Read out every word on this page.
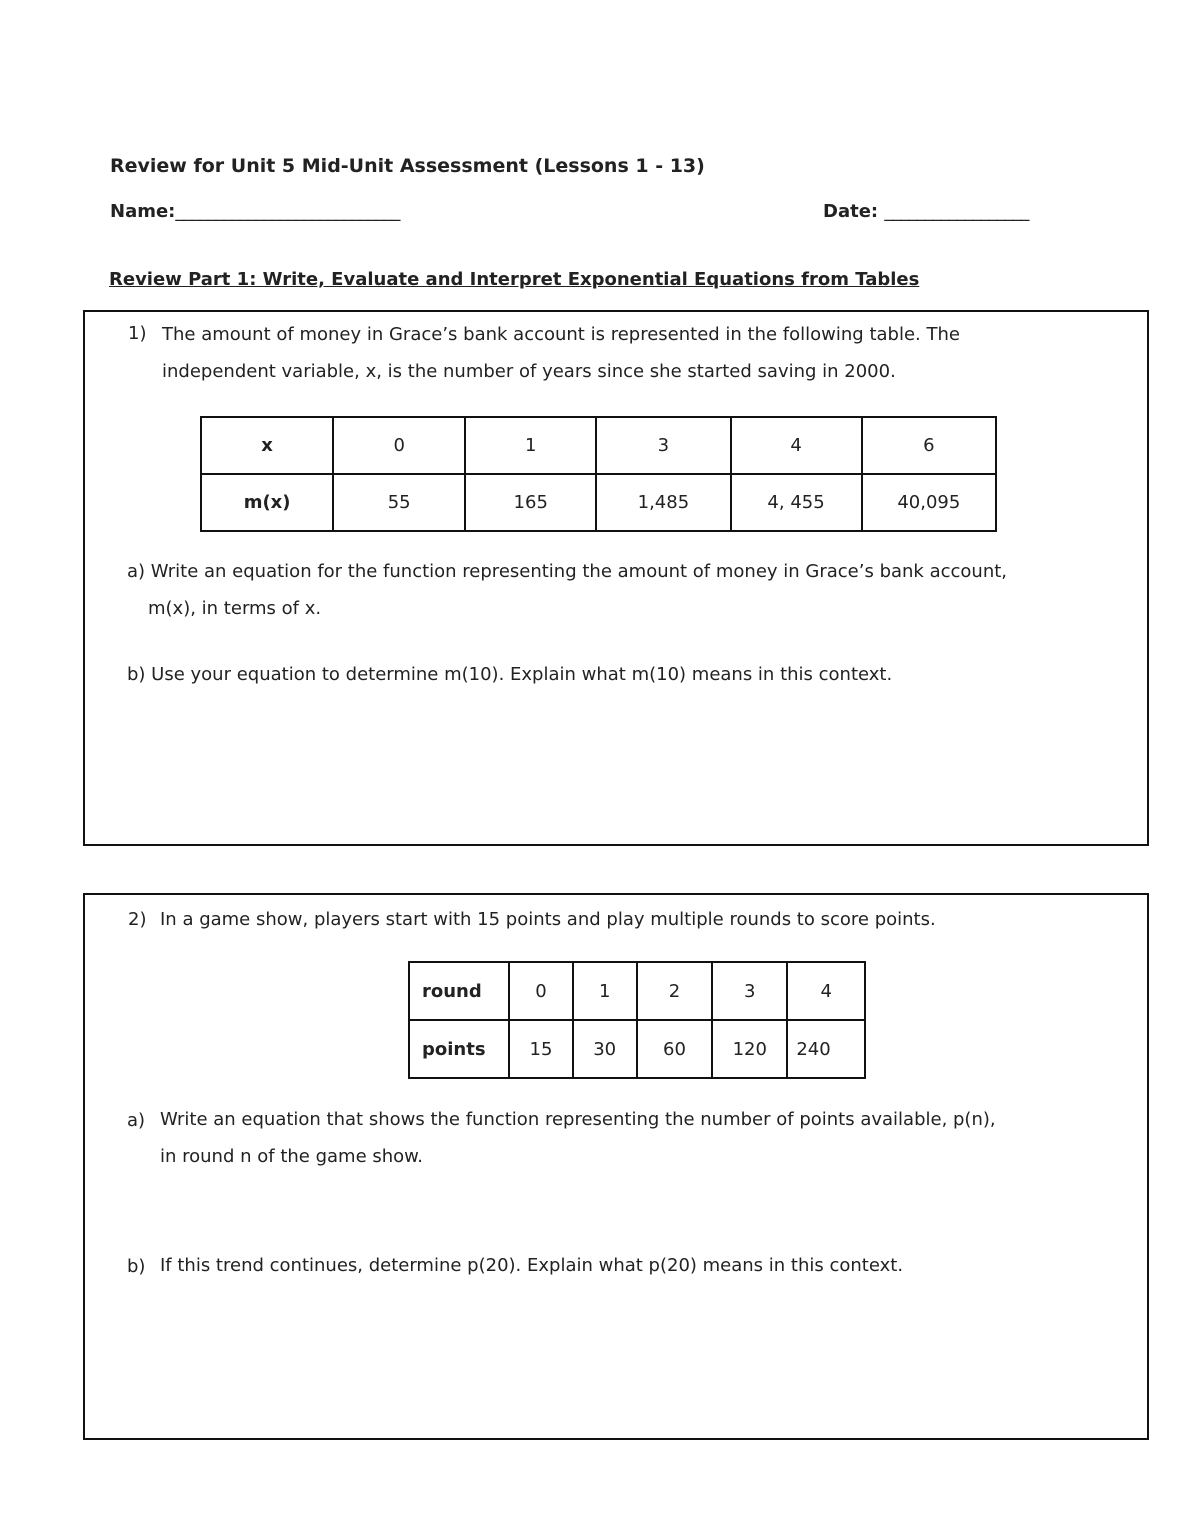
Review for Unit 5 Mid-Unit Assessment (Lessons 1 - 13)
Name:____________________________	Date: __________________
Review Part 1: Write, Evaluate and Interpret Exponential Equations from Tables
1) The amount of money in Grace’s bank account is represented in the following table. The
independent variable, x, is the number of years since she started saving in 2000.
x	0	1	3	4	6
m(x)	55	165	1,485	4, 455	40,095
a) Write an equation for the function representing the amount of money in Grace’s bank account,
m(x), in terms of x.
b) Use your equation to determine m(10). Explain what m(10) means in this context.
2) In a game show, players start with 15 points and play multiple rounds to score points.
round	0	1	2	3	4
points	15	30	60	120	240
a) Write an equation that shows the function representing the number of points available, p(n),
in round n of the game show.
b) If this trend continues, determine p(20). Explain what p(20) means in this context.
